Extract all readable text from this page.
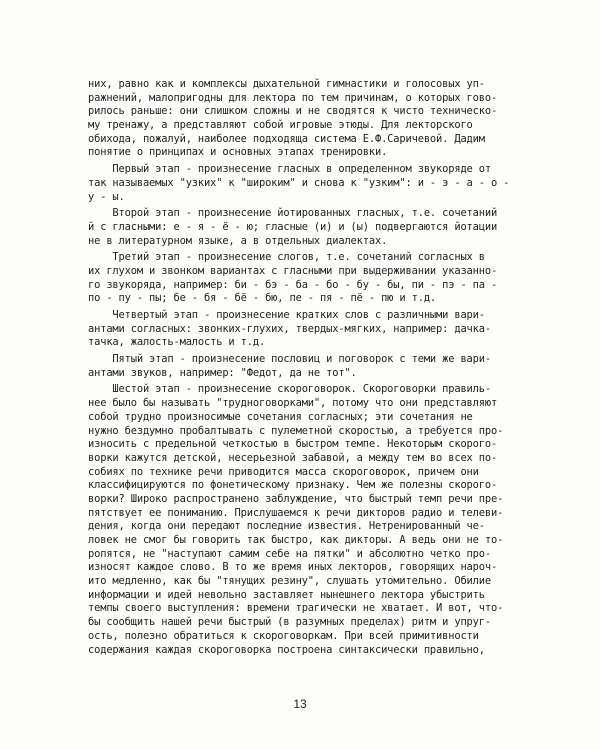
них, равно как и комплексы дыхательной гимнастики и голосовых уп-
ражнений, малопригодны для лектора по тем причинам, о которых гово-
рилось раньше: они слишком сложны и не сводятся к чисто техническо-
му тренажу, а представляют собой игровые этюды. Для лекторского
обихода, пожалуй, наиболее подходяща система Е.Ф.Саричевой. Дадим
понятие о принципах и основных этапах тренировки.
Первый этап - произнесение гласных в определенном звукоряде от
так называемых "узких" к "широким" и снова к "узким": и - э - а - о -
у - ы.
Второй этап - произнесение йотированных гласных, т.е. сочетаний
й с гласными: е - я - ё - ю; гласные (и) и (ы) подвергаются йотации
не в литературном языке, а в отдельных диалектах.
Третий этап - произнесение слогов, т.е. сочетаний согласных в
их глухом и звонком вариантах с гласными при выдерживании указанно-
го звукоряда, например: би - бэ - ба - бо - бу - бы, пи - пэ - па -
по - пу - пы; бе - бя - бё - бю, пе - пя - пё - пю и т.д.
Четвертый этап - произнесение кратких слов с различными вари-
антами согласных: звонких-глухих, твердых-мягких, например: дачка-
тачка, жалость-малость и т.д.
Пятый этап - произнесение пословиц и поговорок с теми же вари-
антами звуков, например: "Федот, да не тот".
Шестой этап - произнесение скороговорок. Скороговорки правиль-
нее было бы называть "трудноговорками", потому что они представляют
собой трудно произносимые сочетания согласных; эти сочетания не
нужно бездумно пробалтывать с пулеметной скоростью, а требуется про-
износить с предельной четкостью в быстром темпе. Некоторым скорого-
ворки кажутся детской, несерьезной забавой, а между тем во всех по-
собиях по технике речи приводится масса скороговорок, причем они
классифицируются по фонетическому признаку. Чем же полезны скорого-
ворки? Широко распространено заблуждение, что быстрый темп речи пре-
пятствует ее пониманию. Прислушаемся к речи дикторов радио и телеви-
дения, когда они передают последние известия. Нетренированный че-
ловек не смог бы говорить так быстро, как дикторы. А ведь они не то-
ропятся, не "наступают самим себе на пятки" и абсолютно четко про-
износят каждое слово. В то же время иных лекторов, говорящих нароч-
ито медленно, как бы "тянущих резину", слушать утомительно. Обилие
информации и идей невольно заставляет нынешнего лектора убыстрить
темпы своего выступления: времени трагически не хватает. И вот, что-
бы сообщить нашей речи быстрый (в разумных пределах) ритм и упруг-
ость, полезно обратиться к скороговоркам. При всей примитивности
содержания каждая скороговорка построена синтаксически правильно,
13
